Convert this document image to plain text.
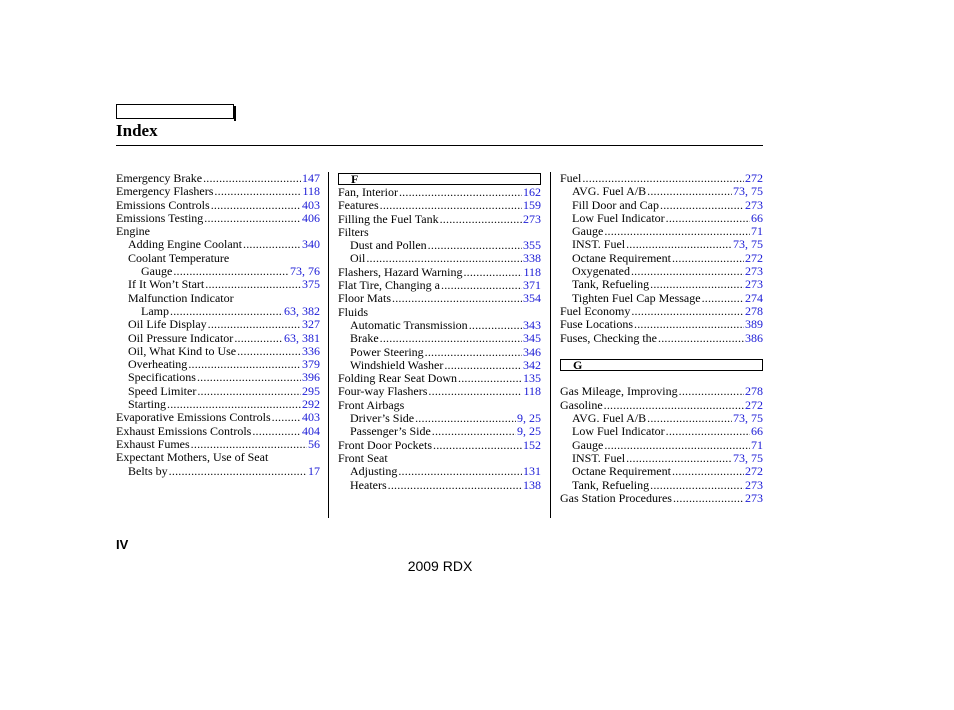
Index
Emergency Brake .....	147
Emergency Flashers .....	118
Emissions Controls .....	403
Emissions Testing .....	406
Engine
Adding Engine Coolant .....	340
Coolant Temperature
Gauge .....	73, 76
If It Won’t Start .....	375
Malfunction Indicator
Lamp .....	63, 382
Oil Life Display .....	327
Oil Pressure Indicator .....	63, 381
Oil, What Kind to Use .....	336
Overheating .....	379
Specifications .....	396
Speed Limiter .....	295
Starting .....	292
Evaporative Emissions Controls .....	403
Exhaust Emissions Controls .....	404
Exhaust Fumes .....	56
Expectant Mothers, Use of Seat
Belts by .....	17
F
Fan, Interior .....	162
Features .....	159
Filling the Fuel Tank .....	273
Filters
Dust and Pollen .....	355
Oil .....	338
Flashers, Hazard Warning .....	118
Flat Tire, Changing a .....	371
Floor Mats .....	354
Fluids
Automatic Transmission .....	343
Brake .....	345
Power Steering .....	346
Windshield Washer .....	342
Folding Rear Seat Down .....	135
Four-way Flashers .....	118
Front Airbags
Driver’s Side .....	9, 25
Passenger’s Side .....	9, 25
Front Door Pockets .....	152
Front Seat
Adjusting .....	131
Heaters .....	138
Fuel .....	272
AVG. Fuel A/B .....	73, 75
Fill Door and Cap .....	273
Low Fuel Indicator .....	66
Gauge .....	71
INST. Fuel .....	73, 75
Octane Requirement .....	272
Oxygenated .....	273
Tank, Refueling .....	273
Tighten Fuel Cap Message .....	274
Fuel Economy .....	278
Fuse Locations .....	389
Fuses, Checking the .....	386
G
Gas Mileage, Improving .....	278
Gasoline .....	272
AVG. Fuel A/B .....	73, 75
Low Fuel Indicator .....	66
Gauge .....	71
INST. Fuel .....	73, 75
Octane Requirement .....	272
Tank, Refueling .....	273
Gas Station Procedures .....	273
IV
2009 RDX
